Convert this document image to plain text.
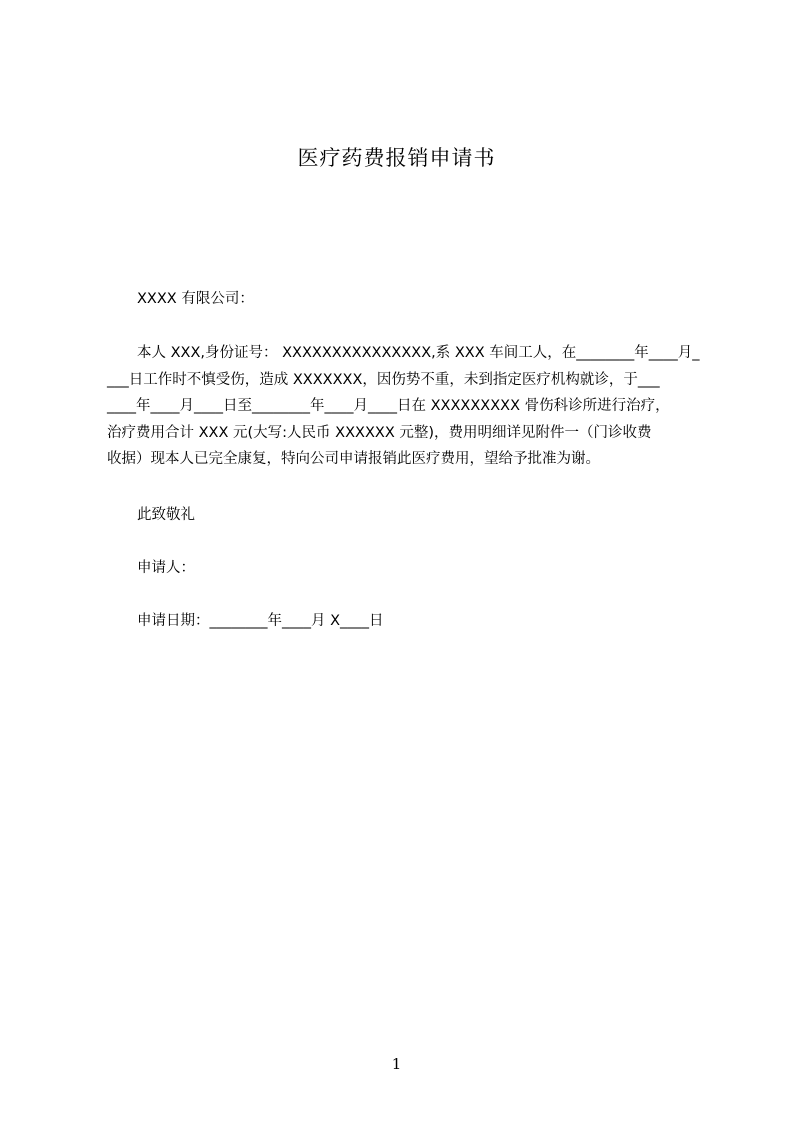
医疗药费报销申请书
XXXX 有限公司：
本人 XXX,身份证号： XXXXXXXXXXXXXXX,系 XXX 车间工人，在________年____月_
___日工作时不慎受伤，造成 XXXXXXX，因伤势不重，未到指定医疗机构就诊，于___
____年____月____日至________年____月____日在 XXXXXXXXX 骨伤科诊所进行治疗，
治疗费用合计 XXX 元(大写:人民币 XXXXXX 元整)，费用明细详见附件一（门诊收费
收据）现本人已完全康复，特向公司申请报销此医疗费用，望给予批准为谢。
此致敬礼
申请人：
申请日期：________年____月 X____日
1
